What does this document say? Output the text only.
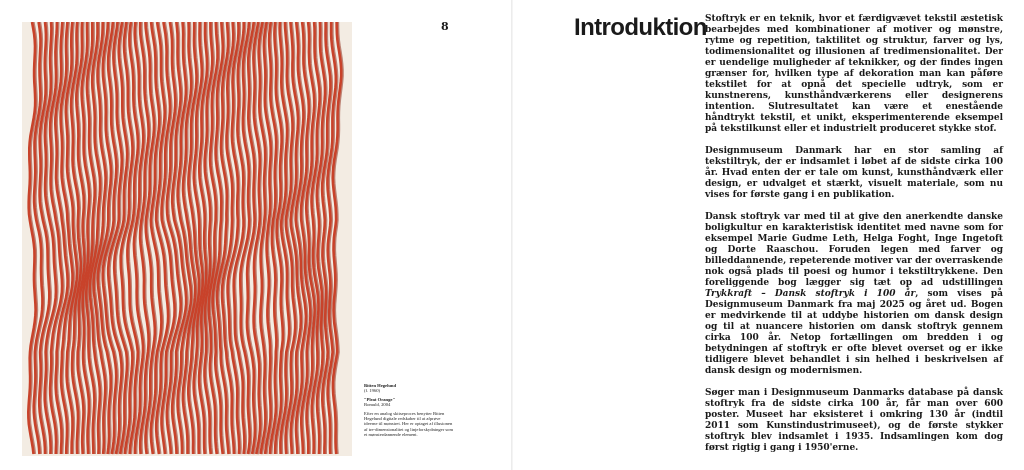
8
Bitten Hegelund
(f. 1960)
"Pleat Orange"
Bomuld, 2004
Efter en analog skitseproces benytter Bitten Hegelund digitale redskaber til at afprøve ideerne til mønstret. Her er optaget af illusionen af tre-dimensionalitet og linjeforskydninger som et mønsterdannende element.
Introduktion

Stoftryk er en teknik, hvor et færdigvævet tekstil æstetisk bearbejdes med kombinationer af motiver og mønstre, rytme og repetition, taktilitet og struktur, farver og lys, todimensionalitet og illusionen af tredimensionalitet. Der er uendelige muligheder af teknikker, og der findes ingen grænser for, hvilken type af dekoration man kan påføre tekstilet for at opnå det specielle udtryk, som er kunstnerens, kunsthåndværkerens eller designerens intention. Slutresultatet kan være et enestående håndtrykt tekstil, et unikt, eksperimenterende eksempel på tekstilkunst eller et industrielt produceret stykke stof.

Designmuseum Danmark har en stor samling af tekstiltryk, der er indsamlet i løbet af de sidste cirka 100 år. Hvad enten der er tale om kunst, kunsthåndværk eller design, er udvalget et stærkt, visuelt materiale, som nu vises for første gang i en publikation.

Dansk stoftryk var med til at give den anerkendte danske boligkultur en karakteristisk identitet med navne som for eksempel Marie Gudme Leth, Helga Foght, Inge Ingetoft og Dorte Raaschou. Foruden legen med farver og billeddannende, repeterende motiver var der overraskende nok også plads til poesi og humor i tekstiltrykkene. Den foreliggende bog lægger sig tæt op ad udstillingen Trykkraft – Dansk stoftryk i 100 år, som vises på Designmuseum Danmark fra maj 2025 og året ud. Bogen er medvirkende til at uddybe historien om dansk design og til at nuancere historien om dansk stoftryk gennem cirka 100 år. Netop fortællingen om bredden i og betydningen af stoftryk er ofte blevet overset og er ikke tidligere blevet behandlet i sin helhed i beskrivelsen af dansk design og modernismen.

Søger man i Designmuseum Danmarks database på dansk stoftryk fra de sidste cirka 100 år, får man over 600 poster. Museet har eksisteret i omkring 130 år (indtil 2011 som Kunstindustrimuseet), og de første stykker stoftryk blev indsamlet i 1935. Indsamlingen kom dog først rigtig i gang i 1950'erne.
